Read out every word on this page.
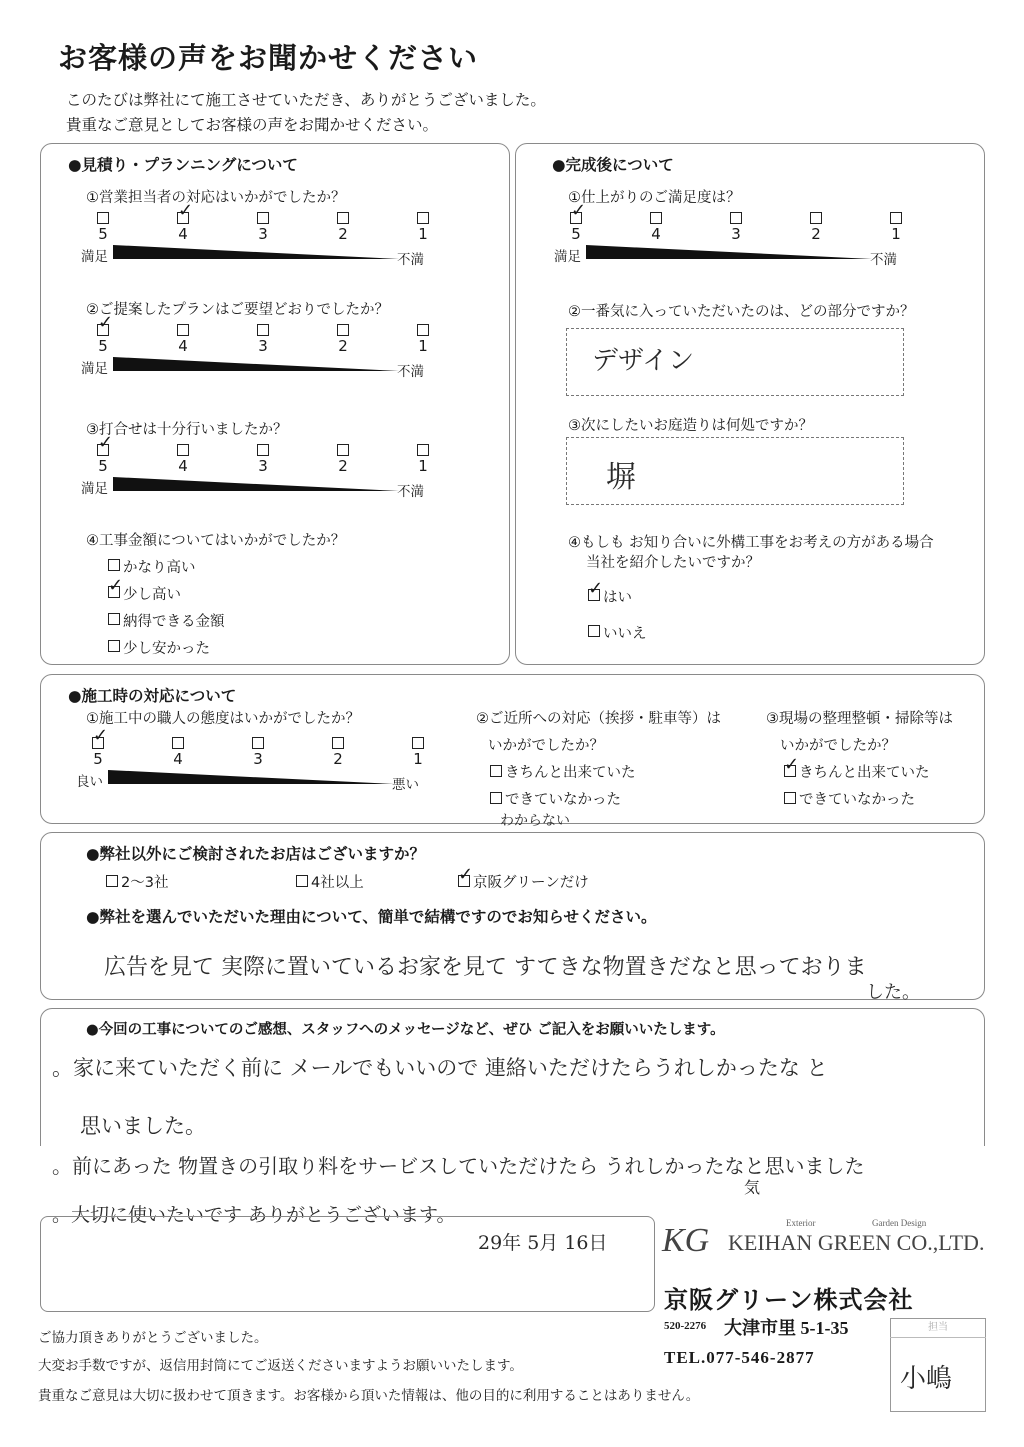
お客様の声をお聞かせください
このたびは弊社にて施工させていただき、ありがとうございました。
貴重なご意見としてお客様の声をお聞かせください。
●見積り・プランニングについて
①営業担当者の対応はいかがでしたか？
5
✓
4	3	2	1
満足	不満
②ご提案したプランはご要望どおりでしたか？
✓
5	4	3	2	1
満足	不満
③打合せは十分行いましたか？
✓
5	4	3	2	1
満足	不満
④工事金額についてはいかがでしたか？
かなり高い
✓ 少し高い
納得できる金額
少し安かった
●完成後について
①仕上がりのご満足度は？
✓
5	4	3	2	1
満足	不満
②一番気に入っていただいたのは、どの部分ですか？
デザイン
③次にしたいお庭造りは何処ですか？
塀
④もしも お知り合いに外構工事をお考えの方がある場合
当社を紹介したいですか？
✓ はい
いいえ
●施工時の対応について
①施工中の職人の態度はいかがでしたか？
✓
5	4	3	2	1
良い	悪い
②ご近所への対応（挨拶・駐車等）は
いかがでしたか？
きちんと出来ていた
できていなかった
わからない
③現場の整理整頓・掃除等は
いかがでしたか？
✓ きちんと出来ていた
できていなかった
●弊社以外にご検討されたお店はございますか？
2～3社	4社以上	✓ 京阪グリーンだけ
●弊社を選んでいただいた理由について、簡単で結構ですのでお知らせください。
広告を見て 実際に置いているお家を見て すてきな物置きだなと思っておりま
した。
●今回の工事についてのご感想、スタッフへのメッセージなど、ぜひ ご記入をお願いいたします。
。家に来ていただく前に メールでもいいので 連絡いただけたらうれしかったな と
思いました。
。前にあった 物置きの引取り料をサービスしていただけたら うれしかったなと思いました
気
。大切に使いたいです ありがとうございます。
29年 5月 16日 KG	Exterior	Garden Design
KEIHAN GREEN CO.,LTD.
京阪グリーン株式会社
520-2276 大津市里 5-1-35
TEL.077-546-2877
ご協力頂きありがとうございました。
大変お手数ですが、返信用封筒にてご返送くださいますようお願いいたします。
貴重なご意見は大切に扱わせて頂きます。お客様から頂いた情報は、他の目的に利用することはありません。
担当
小嶋
